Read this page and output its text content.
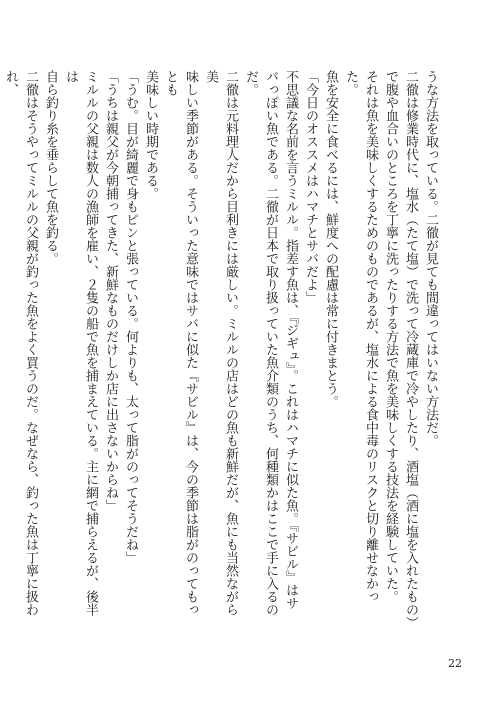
うな方法を取っている。二徹が見ても間違ってはいない方法だ。

二徹は修業時代に、塩水（たて塩）で洗って冷蔵庫で冷やしたり、酒塩（酒に塩を入れたもの）

で腹や血合いのところを丁寧に洗ったりする方法で魚を美味しくする技法を経験していた。

それは魚を美味しくするためのものであるが、塩水による食中毒のリスクと切り離せなかった。

魚を安全に食べるには、鮮度への配慮は常に付きまとう。

「今日のオススメはハマチとサバだよ」

不思議な名前を言うミルル。指差す魚は、『ジギュ』。これはハマチに似た魚。『サビル』はサ

バっぽい魚である。二徹が日本で取り扱っていた魚介類のうち、何種類かはここで手に入るのだ。

二徹は元料理人だから目利きには厳しい。ミルルの店はどの魚も新鮮だが、魚にも当然ながら美

味しい季節がある。そういった意味ではサバに似た『サビル』は、今の季節は脂がのってもっとも

美味しい時期である。

「うむ。目が綺麗で身もピンと張っている。何よりも、太って脂がのってそうだね」

「うちは親父が今朝捕ってきた、新鮮なものだけしか店に出さないからね」

ミルルの父親は数人の漁師を雇い、２隻の船で魚を捕まえている。主に網で捕らえるが、後半は

自ら釣り糸を垂らして魚を釣る。

二徹はそうやってミルルの父親が釣った魚をよく買うのだ。なぜなら、釣った魚は丁寧に扱われ、

22
